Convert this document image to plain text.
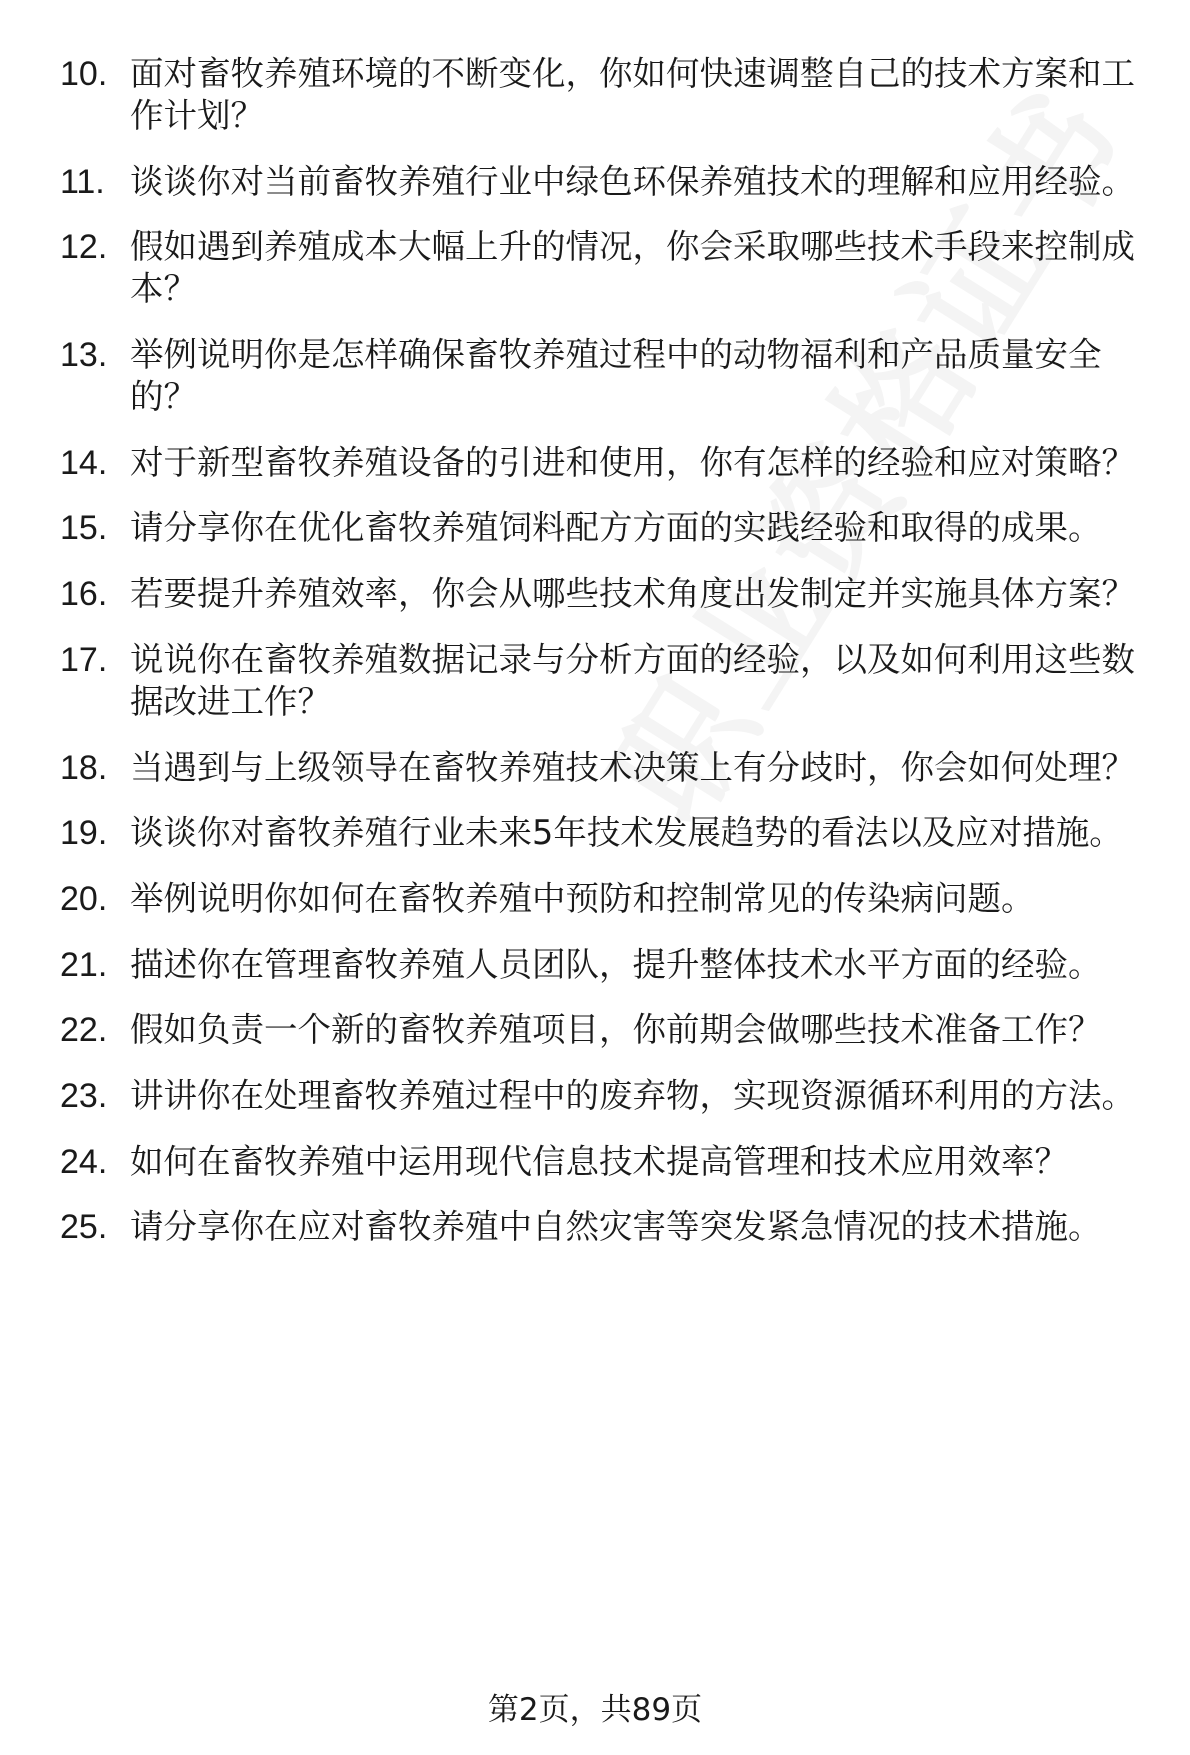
10. 面对畜牧养殖环境的不断变化，你如何快速调整自己的技术方案和工作计划？
11. 谈谈你对当前畜牧养殖行业中绿色环保养殖技术的理解和应用经验。
12. 假如遇到养殖成本大幅上升的情况，你会采取哪些技术手段来控制成本？
13. 举例说明你是怎样确保畜牧养殖过程中的动物福利和产品质量安全的？
14. 对于新型畜牧养殖设备的引进和使用，你有怎样的经验和应对策略？
15. 请分享你在优化畜牧养殖饲料配方方面的实践经验和取得的成果。
16. 若要提升养殖效率，你会从哪些技术角度出发制定并实施具体方案？
17. 说说你在畜牧养殖数据记录与分析方面的经验，以及如何利用这些数据改进工作？
18. 当遇到与上级领导在畜牧养殖技术决策上有分歧时，你会如何处理？
19. 谈谈你对畜牧养殖行业未来5年技术发展趋势的看法以及应对措施。
20. 举例说明你如何在畜牧养殖中预防和控制常见的传染病问题。
21. 描述你在管理畜牧养殖人员团队，提升整体技术水平方面的经验。
22. 假如负责一个新的畜牧养殖项目，你前期会做哪些技术准备工作？
23. 讲讲你在处理畜牧养殖过程中的废弃物，实现资源循环利用的方法。
24. 如何在畜牧养殖中运用现代信息技术提高管理和技术应用效率？
25. 请分享你在应对畜牧养殖中自然灾害等突发紧急情况的技术措施。
第2页，共89页
